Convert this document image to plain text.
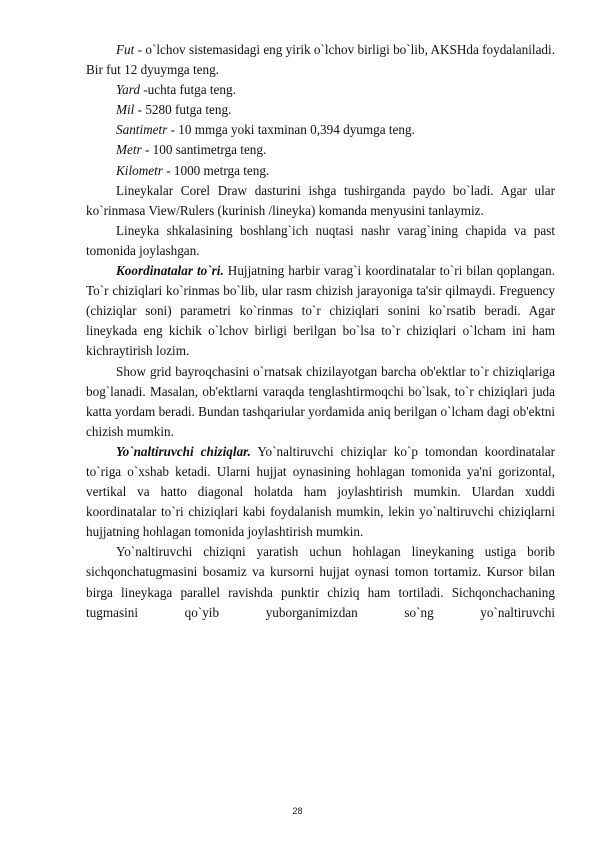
Fut - o`lchov sistemasidagi eng yirik o`lchov birligi bo`lib, AKSHda foydalaniladi. Bir fut 12 dyuymga teng.

Yard -uchta futga teng.

Mil - 5280 futga teng.

Santimetr - 10 mmga yoki taxminan 0,394 dyumga teng.

Metr - 100 santimetrga teng.

Kilometr - 1000 metrga teng.

Lineykalar Corel Draw dasturini ishga tushirganda paydo bo`ladi. Agar ular ko`rinmasa View/Rulers (kurinish /lineyka) komanda menyusini tanlaymiz.

Lineyka shkalasining boshlang`ich nuqtasi nashr varag`ining chapida va past tomonida joylashgan.

Koordinatalar to`ri. Hujjatning harbir varag`i koordinatalar to`ri bilan qoplangan. To`r chiziqlari ko`rinmas bo`lib, ular rasm chizish jarayoniga ta'sir qilmaydi. Freguency (chiziqlar soni) parametri ko`rinmas to`r chiziqlari sonini ko`rsatib beradi. Agar lineykada eng kichik o`lchov birligi berilgan bo`lsa to`r chiziqlari o`lcham ini ham kichraytirish lozim.

Show grid bayroqchasini o`rnatsak chizilayotgan barcha ob'ektlar to`r chiziqlariga bog`lanadi. Masalan, ob'ektlarni varaqda tenglashtirmoqchi bo`lsak, to`r chiziqlari juda katta yordam beradi. Bundan tashqariular yordamida aniq berilgan o`lcham dagi ob'ektni chizish mumkin.

Yo`naltiruvchi chiziqlar. Yo`naltiruvchi chiziqlar ko`p tomondan koordinatalar to`riga o`xshab ketadi. Ularni hujjat oynasining hohlagan tomonida ya'ni gorizontal, vertikal va hatto diagonal holatda ham joylashtirish mumkin. Ulardan xuddi koordinatalar to`ri chiziqlari kabi foydalanish mumkin, lekin yo`naltiruvchi chiziqlarni hujjatning hohlagan tomonida joylashtirish mumkin.

Yo`naltiruvchi chiziqni yaratish uchun hohlagan lineykaning ustiga borib sichqonchatugmasini bosamiz va kursorni hujjat oynasi tomon tortamiz. Kursor bilan birga lineykaga parallel ravishda punktir chiziq ham tortiladi. Sichqonchachaning tugmasini qo`yib yuborganimizdan so`ng yo`naltiruvchi

28
